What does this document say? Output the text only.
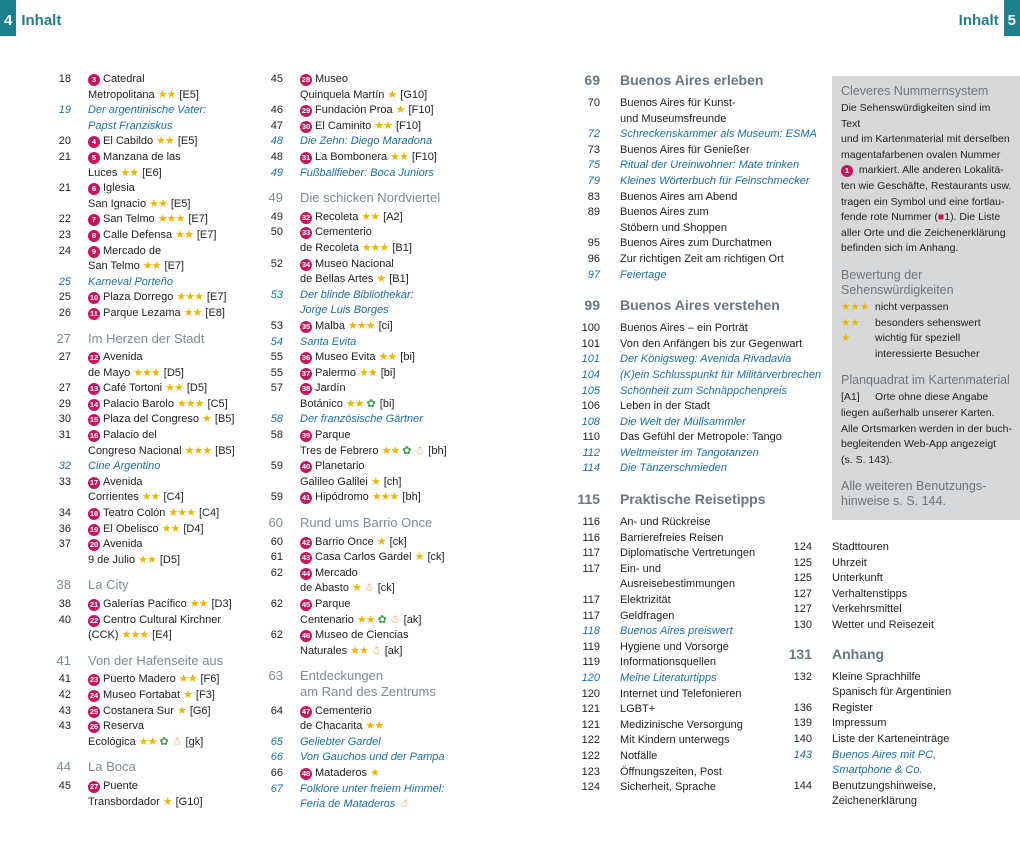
4 Inhalt	Inhalt 5
18	3 Catedral
Metropolitana ★★ [E5]
19 Der argentinische Vater:
Papst Franziskus
20	4 El Cabildo ★★ [E5]
21	5 Manzana de las
Luces ★★ [E6]
21	6 Iglesia
San Ignacio ★★ [E5]
22	7 San Telmo ★★★ [E7]
23	8 Calle Defensa ★★ [E7]
24	9 Mercado de
San Telmo ★★ [E7]
25 Karneval Porteño
25	10 Plaza Dorrego ★★★ [E7]
26	11 Parque Lezama ★★ [E8]
27 Im Herzen der Stadt
27	12 Avenida
de Mayo ★★★ [D5]
27	13 Café Tortoni ★★ [D5]
29	14 Palacio Barolo ★★★ [C5]
30	15 Plaza del Congreso ★ [B5]
31	16 Palacio del
Congreso Nacional ★★★ [B5]
32 Cine Argentino
33	17 Avenida
Corrientes ★★ [C4]
34	18 Teatro Colón ★★★ [C4]
36	19 El Obelisco ★★ [D4]
37	20 Avenida
9 de Julio ★★ [D5]
38 La City
38	21 Galerías Pacífico ★★ [D3]
40	22 Centro Cultural Kirchner
(CCK) ★★★ [E4]
41 Von der Hafenseite aus
41	23 Puerto Madero ★★ [F6]
42	24 Museo Fortabat ★ [F3]
43	25 Costanera Sur ★ [G6]
43	26 Reserva
Ecológica ★★ ✿ ☃ [gk]
44 La Boca
45	27 Puente
Transbordador ★ [G10]
45	28 Museo
Quinquela Martín ★ [G10]
46	29 Fundación Proa ★ [F10]
47	30 El Caminito ★★ [F10]
48 Die Zehn: Diego Maradona
48	31 La Bombonera ★★ [F10]
49 Fußballfieber: Boca Juniors
49 Die schicken Nordviertel
49	32 Recoleta ★★ [A2]
50	33 Cementerio
de Recoleta ★★★ [B1]
52	34 Museo Nacional
de Bellas Artes ★ [B1]
53 Der blinde Bibliothekar:
Jorge Luis Borges
53	35 Malba ★★★ [ci]
54 Santa Evita
55	36 Museo Evita ★★ [bi]
55	37 Palermo ★★ [bi]
57	38 Jardín
Botánico ★★ ✿ [bi]
58 Der französische Gärtner
58	39 Parque
Tres de Febrero ★★ ✿ ☃ [bh]
59	40 Planetario
Galileo Galilei ★ [ch]
59	41 Hipódromo ★★★ [bh]
60 Rund ums Barrio Once
60	42 Barrio Once ★ [ck]
61	43 Casa Carlos Gardel ★ [ck]
62	44 Mercado
de Abasto ★ ☃ [ck]
62	45 Parque
Centenario ★★ ✿ ☃ [ak]
62	46 Museo de Ciencias
Naturales ★★ ☃ [ak]
63 Entdeckungen
am Rand des Zentrums
64	47 Cementerio
de Chacarita ★★
65 Geliebter Gardel
66 Von Gauchos und der Pampa
66	48 Mataderos ★
67 Folklore unter freiem Himmel:
Feria de Mataderos ☃
69 Buenos Aires erleben
70 Buenos Aires für Kunst-
und Museumsfreunde
72 Schreckenskammer als Museum: ESMA
73 Buenos Aires für Genießer
75 Ritual der Ureinwohner: Mate trinken
79 Kleines Wörterbuch für Feinschmecker
83 Buenos Aires am Abend
89 Buenos Aires zum
Stöbern und Shoppen
95 Buenos Aires zum Durchatmen
96 Zur richtigen Zeit am richtigen Ort
97 Feiertage
99 Buenos Aires verstehen
100 Buenos Aires – ein Porträt
101 Von den Anfängen bis zur Gegenwart
101 Der Königsweg: Avenida Rivadavia
104 (K)ein Schlusspunkt für Militärverbrechen
105 Schönheit zum Schnäppchenpreis
106 Leben in der Stadt
108 Die Welt der Müllsammler
110 Das Gefühl der Metropole: Tango
112 Weltmeister im Tangotanzen
114 Die Tänzerschmieden
115 Praktische Reisetipps
116 An- und Rückreise
116 Barrierefreies Reisen
117 Diplomatische Vertretungen
117 Ein- und
Ausreisebestimmungen
117 Elektrizität
117 Geldfragen
118 Buenos Aires preiswert
119 Hygiene und Vorsorge
119 Informationsquellen
120 Meine Literaturtipps
120 Internet und Telefonieren
121 LGBT+
121 Medizinische Versorgung
122 Mit Kindern unterwegs
122 Notfälle
123 Öffnungszeiten, Post
124 Sicherheit, Sprache
124 Stadttouren
125 Uhrzeit
125 Unterkunft
127 Verhaltenstipps
127 Verkehrsmittel
130 Wetter und Reisezeit
131 Anhang
132 Kleine Sprachhilfe
Spanisch für Argentinien
136 Register
139 Impressum
140 Liste der Karteneinträge
143 Buenos Aires mit PC,
Smartphone & Co.
144 Benutzungshinweise,
Zeichenerklärung
Cleveres Nummernsystem
Die Sehenswürdigkeiten sind im Text
und im Kartenmaterial mit derselben
magentafarbenen ovalen Nummer
1 markiert. Alle anderen Lokalitä-
ten wie Geschäfte, Restaurants usw.
tragen ein Symbol und eine fortlau-
fende rote Nummer (■1). Die Liste
aller Orte und die Zeichenerklärung
befinden sich im Anhang.
Bewertung der Sehenswürdigkeiten
★★★ nicht verpassen
★★	besonders sehenswert
★	wichtig für speziell
interessierte Besucher
Planquadrat im Kartenmaterial
[A1]	Orte ohne diese Angabe
liegen außerhalb unserer Karten.
Alle Ortsmarken werden in der buch-
begleitenden Web-App angezeigt
(s. S. 143).
Alle weiteren Benutzungs-hinweise s. S. 144.
